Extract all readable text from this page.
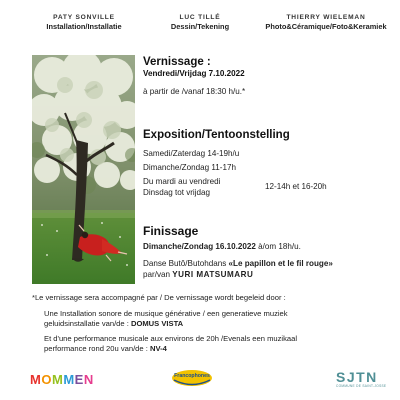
PATY SONVILLE
Installation/Installatie
LUC TILLÉ
Dessin/Tekening
THIERRY WIELEMAN
Photo&Céramique/Foto&Keramiek
Vernissage :
Vendredi/Vrijdag 7.10.2022
à partir de /vanaf 18:30 h/u.*
Exposition/Tentoonstelling
Samedi/Zaterdag 14-19h/u
Dimanche/Zondag 11-17h
Du mardi au vendredi
Dinsdag tot vrijdag
12-14h et 16-20h
Finissage
Dimanche/Zondag 16.10.2022 à/om 18h/u.
Danse Butô/Butohdans «Le papillon et le fil rouge»
par/van YURI MATSUMARU
*Le vernissage sera accompagné par / De vernissage wordt begeleid door :
Une Installation sonore de musique générative / een generatieve muziek
geluidsinstallatie van/de : DOMUS VISTA
Et d'une performance musicale aux environs de 20h /Evenals een muzikaal
performance rond 20u van/de : NV-4
MOMMEN	Francophones	SJTN
COMMUNE DE SAINT-JOSSE
